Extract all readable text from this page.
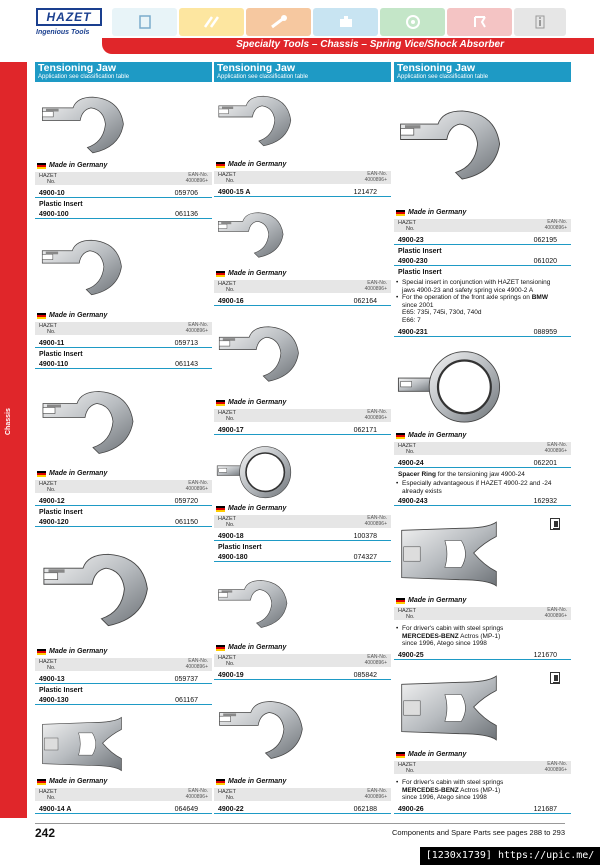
HAZET
Ingenious Tools
Specialty Tools – Chassis – Spring Vice/Shock Absorber
Chassis
Tensioning Jaw
Application see classification table
Made in Germany
HAZET
No.
EAN-No.
4000896+
4900-10	059706
Plastic Insert
4900-100	061136
Made in Germany
HAZET
No.
EAN-No.
4000896+
4900-11	059713
Plastic Insert
4900-110	061143
Made in Germany
HAZET
No.
EAN-No.
4000896+
4900-12	059720
Plastic Insert
4900-120	061150
Made in Germany
HAZET
No.
EAN-No.
4000896+
4900-13	059737
Plastic Insert
4900-130	061167
Made in Germany
HAZET
No.
EAN-No.
4000896+
4900-14 A	064649
Tensioning Jaw
Application see classification table
Made in Germany
HAZET
No.
EAN-No.
4000896+
4900-15 A	121472
Made in Germany
HAZET
No.
EAN-No.
4000896+
4900-16	062164
Made in Germany
HAZET
No.
EAN-No.
4000896+
4900-17	062171
Made in Germany
HAZET
No.
EAN-No.
4000896+
4900-18	100378
Plastic Insert
4900-180	074327
Made in Germany
HAZET
No.
EAN-No.
4000896+
4900-19	085842
Made in Germany
HAZET
No.
EAN-No.
4000896+
4900-22	062188
Tensioning Jaw
Application see classification table
Made in Germany
HAZET
No.
EAN-No.
4000896+
4900-23	062195
Plastic Insert
4900-230	061020
Plastic Insert

• Special insert in conjunction with HAZET tensioning jaws 4900-23 and safety spring vice 4900-2 A

• For the operation of the front axle springs on BMW since 2001

E65: 735i, 745i, 730d, 740d

E66: 7

4900-231	088959
Made in Germany
HAZET
No.
EAN-No.
4000896+
4900-24	062201
Spacer Ring for the tensioning jaw 4900-24

• Especially advantageous if HAZET 4900-22 and -24 already exists

4900-243	162932
Made in Germany
HAZET
No.
EAN-No.
4000896+

• For driver's cabin with steel springs

MERCEDES-BENZ Actros (MP-1)

since 1996, Atego since 1998

4900-25	121670
Made in Germany
HAZET
No.
EAN-No.
4000896+

• For driver's cabin with steel springs

MERCEDES-BENZ Actros (MP-1)

since 1996, Atego since 1998

4900-26	121687
242	Components and Spare Parts see pages 288 to 293
[1230x1739] https://upic.me/
